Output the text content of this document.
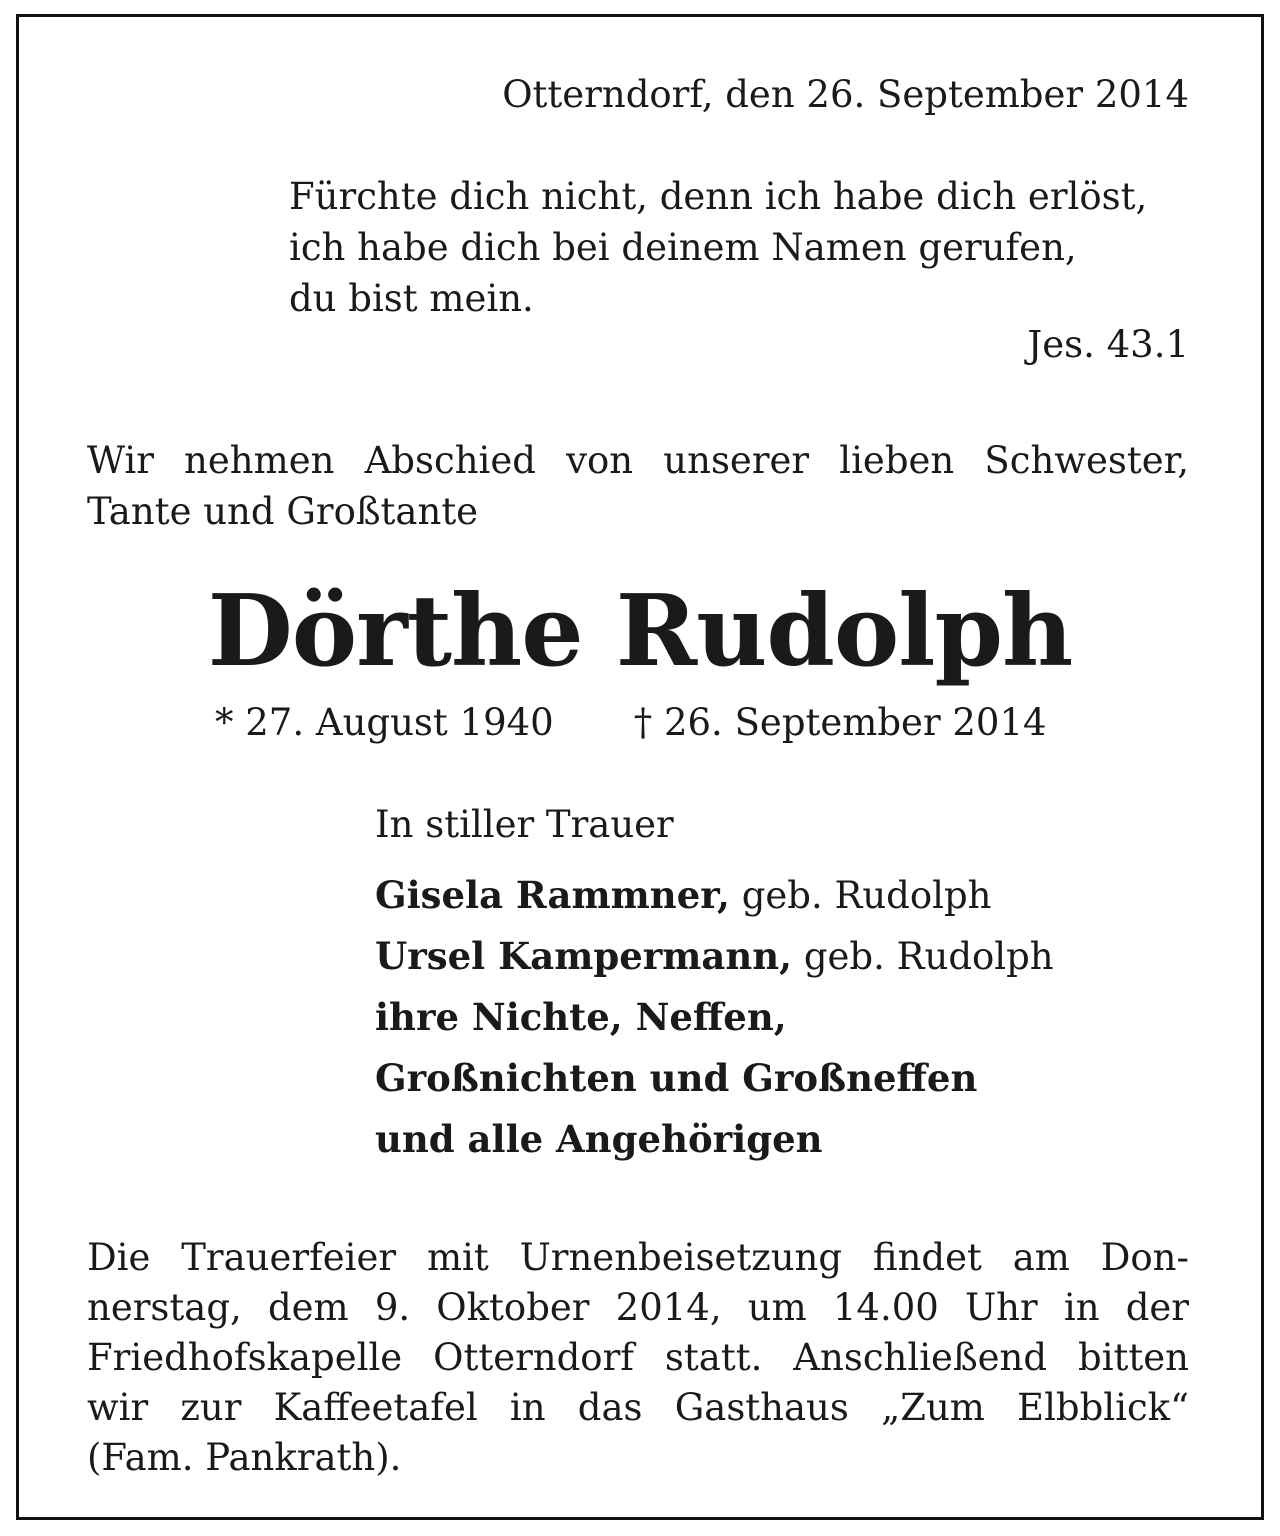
Otterndorf, den 26. September 2014
Fürchte dich nicht, denn ich habe dich erlöst,
ich habe dich bei deinem Namen gerufen,
du bist mein.
Jes. 43.1
Wir nehmen Abschied von unserer lieben Schwester,
Tante und Großtante
Dörthe Rudolph
* 27. August 1940 † 26. September 2014
In stiller Trauer
Gisela Rammner, geb. Rudolph
Ursel Kampermann, geb. Rudolph
ihre Nichte, Neffen,
Großnichten und Großneffen
und alle Angehörigen
Die Trauerfeier mit Urnenbeisetzung findet am Don-
nerstag, dem 9. Oktober 2014, um 14.00 Uhr in der
Friedhofskapelle Otterndorf statt. Anschließend bitten
wir zur Kaffeetafel in das Gasthaus „Zum Elbblick“
(Fam. Pankrath).
